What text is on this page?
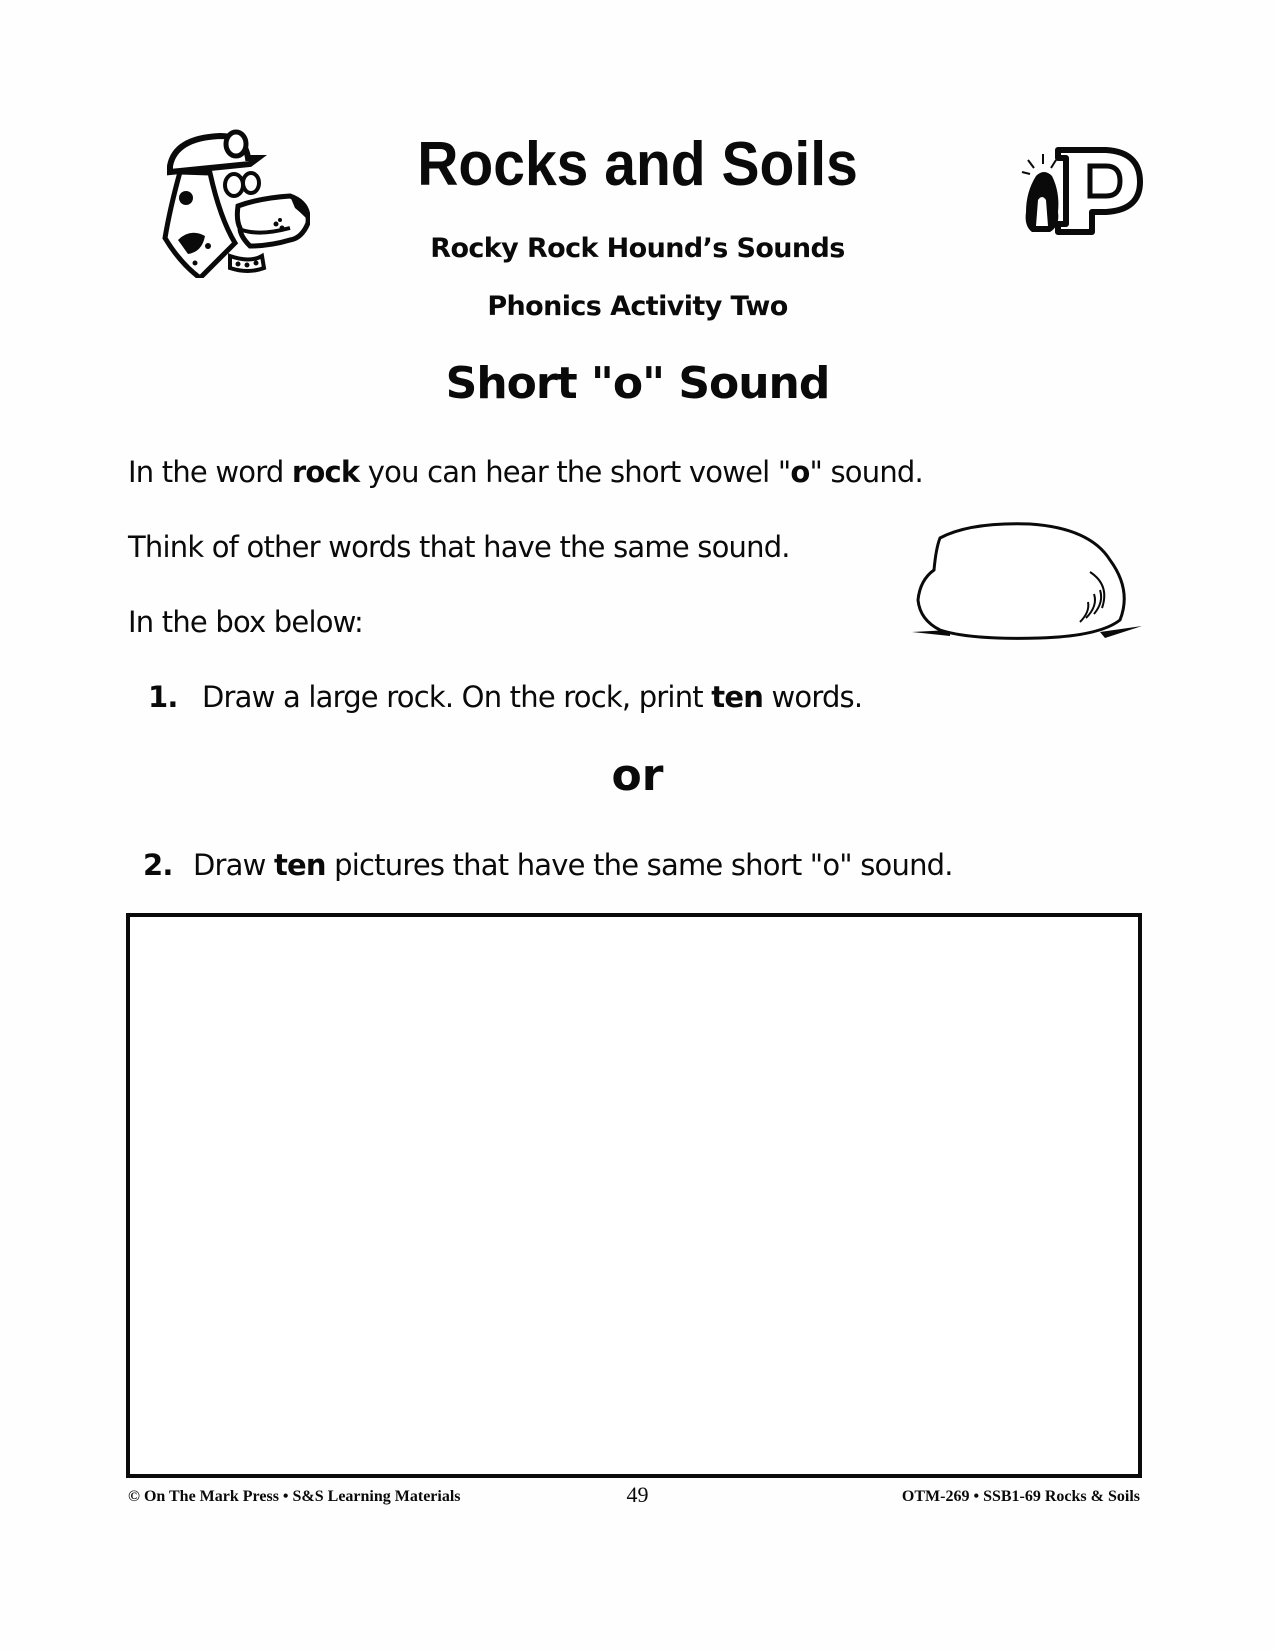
Rocks and Soils
Rocky Rock Hound’s Sounds
Phonics Activity Two
Short "o" Sound
In the word rock you can hear the short vowel "o" sound.
Think of other words that have the same sound.
In the box below:
1. Draw a large rock. On the rock, print ten words.
or
2. Draw ten pictures that have the same short "o" sound.
© On The Mark Press • S&S Learning Materials	49	OTM-269 • SSB1-69 Rocks & Soils
